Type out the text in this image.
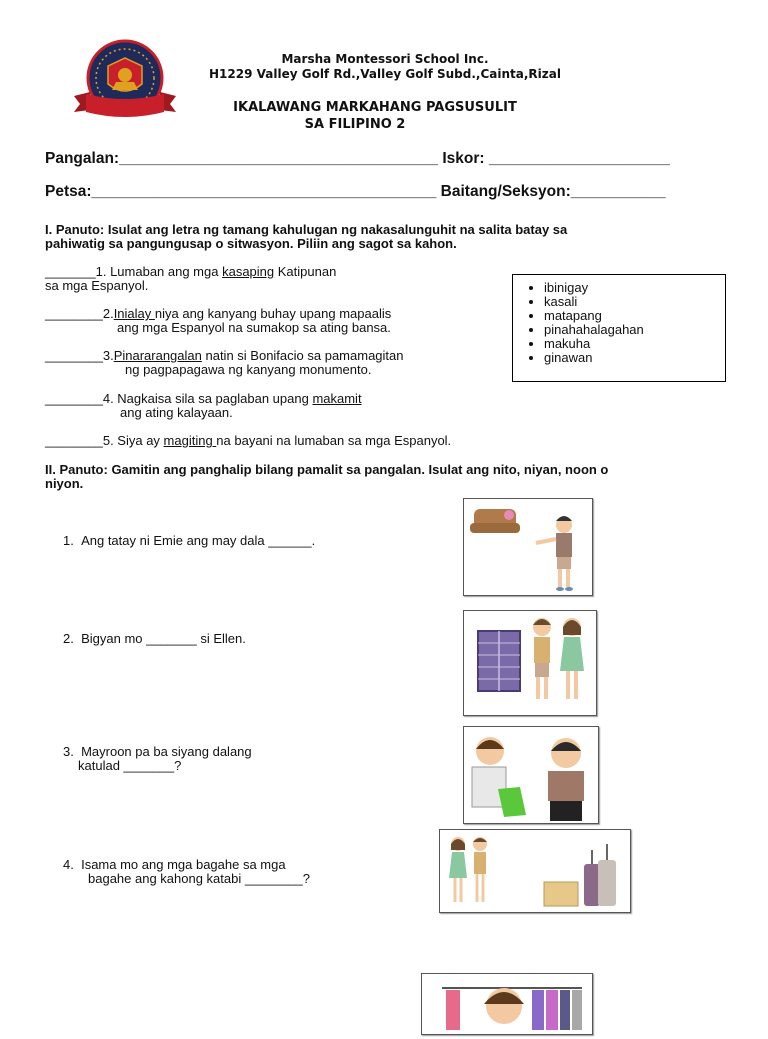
Marsha Montessori School Inc.
H1229 Valley Golf Rd.,Valley Golf Subd.,Cainta,Rizal
IKALAWANG MARKAHANG PAGSUSULIT
SA FILIPINO 2
Pangalan:_____________________________________ Iskor: _____________________
Petsa:________________________________________ Baitang/Seksyon:___________
I. Panuto: Isulat ang letra ng tamang kahulugan ng nakasalunguhit na salita batay sa
pahiwatig sa pangungusap o sitwasyon. Piliin ang sagot sa kahon.
_______1. Lumaban ang mga kasaping Katipunan
sa mga Espanyol.
________2.Inialay niya ang kanyang buhay upang mapaalis
ang mga Espanyol na sumakop sa ating bansa.
________3.Pinararangalan natin si Bonifacio sa pamamagitan
ng pagpapagawa ng kanyang monumento.
________4. Nagkaisa sila sa paglaban upang makamit
ang ating kalayaan.
________5. Siya ay magiting na bayani na lumaban sa mga Espanyol.
• ibinigay
• kasali
• matapang
• pinahahalagahan
• makuha
• ginawan
II. Panuto: Gamitin ang panghalip bilang pamalit sa pangalan. Isulat ang nito, niyan, noon o
niyon.
1. Ang tatay ni Emie ang may dala ______.
2. Bigyan mo _______ si Ellen.
3. Mayroon pa ba siyang dalang
katulad _______?
4. Isama mo ang mga bagahe sa mga
bagahe ang kahong katabi ________?
